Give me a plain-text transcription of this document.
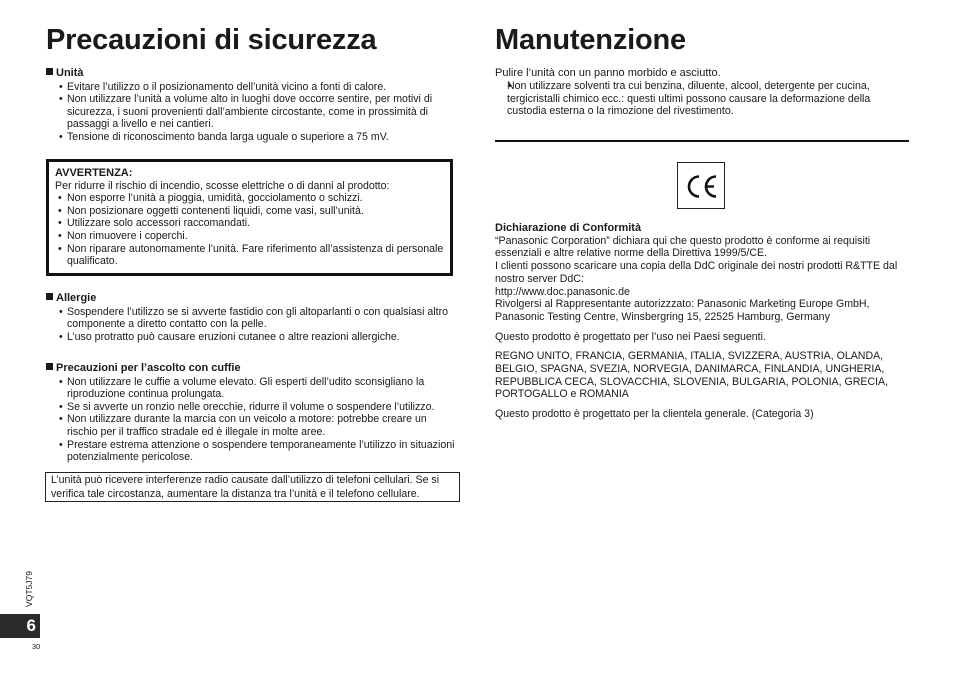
Precauzioni di sicurezza
Unità
• Evitare l’utilizzo o il posizionamento dell’unità vicino a fonti di calore.
• Non utilizzare l’unità a volume alto in luoghi dove occorre sentire, per motivi di sicurezza, i suoni provenienti dall’ambiente circostante, come in prossimità di passaggi a livello e nei cantieri.
• Tensione di riconoscimento banda larga uguale o superiore a 75 mV.
AVVERTENZA:
Per ridurre il rischio di incendio, scosse elettriche o di danni al prodotto:
• Non esporre l’unità a pioggia, umidità, gocciolamento o schizzi.
• Non posizionare oggetti contenenti liquidi, come vasi, sull’unità.
• Utilizzare solo accessori raccomandati.
• Non rimuovere i coperchi.
• Non riparare autonomamente l’unità. Fare riferimento all’assistenza di personale qualificato.
Allergie
• Sospendere l’utilizzo se si avverte fastidio con gli altoparlanti o con qualsiasi altro componente a diretto contatto con la pelle.
• L’uso protratto può causare eruzioni cutanee o altre reazioni allergiche.
Precauzioni per l’ascolto con cuffie
• Non utilizzare le cuffie a volume elevato. Gli esperti dell’udito sconsigliano la riproduzione continua prolungata.
• Se si avverte un ronzio nelle orecchie, ridurre il volume o sospendere l’utilizzo.
• Non utilizzare durante la marcia con un veicolo a motore: potrebbe creare un rischio per il traffico stradale ed è illegale in molte aree.
• Prestare estrema attenzione o sospendere temporaneamente l’utilizzo in situazioni potenzialmente pericolose.
L’unità può ricevere interferenze radio causate dall’utilizzo di telefoni cellulari. Se si verifica tale circostanza, aumentare la distanza tra l’unità e il telefono cellulare.
Manutenzione
Pulire l’unità con un panno morbido e asciutto.
• Non utilizzare solventi tra cui benzina, diluente, alcool, detergente per cucina, tergicristalli chimico ecc.: questi ultimi possono causare la deformazione della custodia esterna o la rimozione del rivestimento.
Dichiarazione di Conformità
“Panasonic Corporation” dichiara qui che questo prodotto è conforme ai requisiti essenziali e altre relative norme della Direttiva 1999/5/CE.
I clienti possono scaricare una copia della DdC originale dei nostri prodotti R&TTE dal nostro server DdC:
http://www.doc.panasonic.de
Rivolgersi al Rappresentante autorizzzato: Panasonic Marketing Europe GmbH, Panasonic Testing Centre, Winsbergring 15, 22525 Hamburg, Germany
Questo prodotto è progettato per l’uso nei Paesi seguenti.
REGNO UNITO, FRANCIA, GERMANIA, ITALIA, SVIZZERA, AUSTRIA, OLANDA, BELGIO, SPAGNA, SVEZIA, NORVEGIA, DANIMARCA, FINLANDIA, UNGHERIA, REPUBBLICA CECA, SLOVACCHIA, SLOVENIA, BULGARIA, POLONIA, GRECIA, PORTOGALLO e ROMANIA
Questo prodotto è progettato per la clientela generale. (Categoria 3)
VQT5J79
6
30
